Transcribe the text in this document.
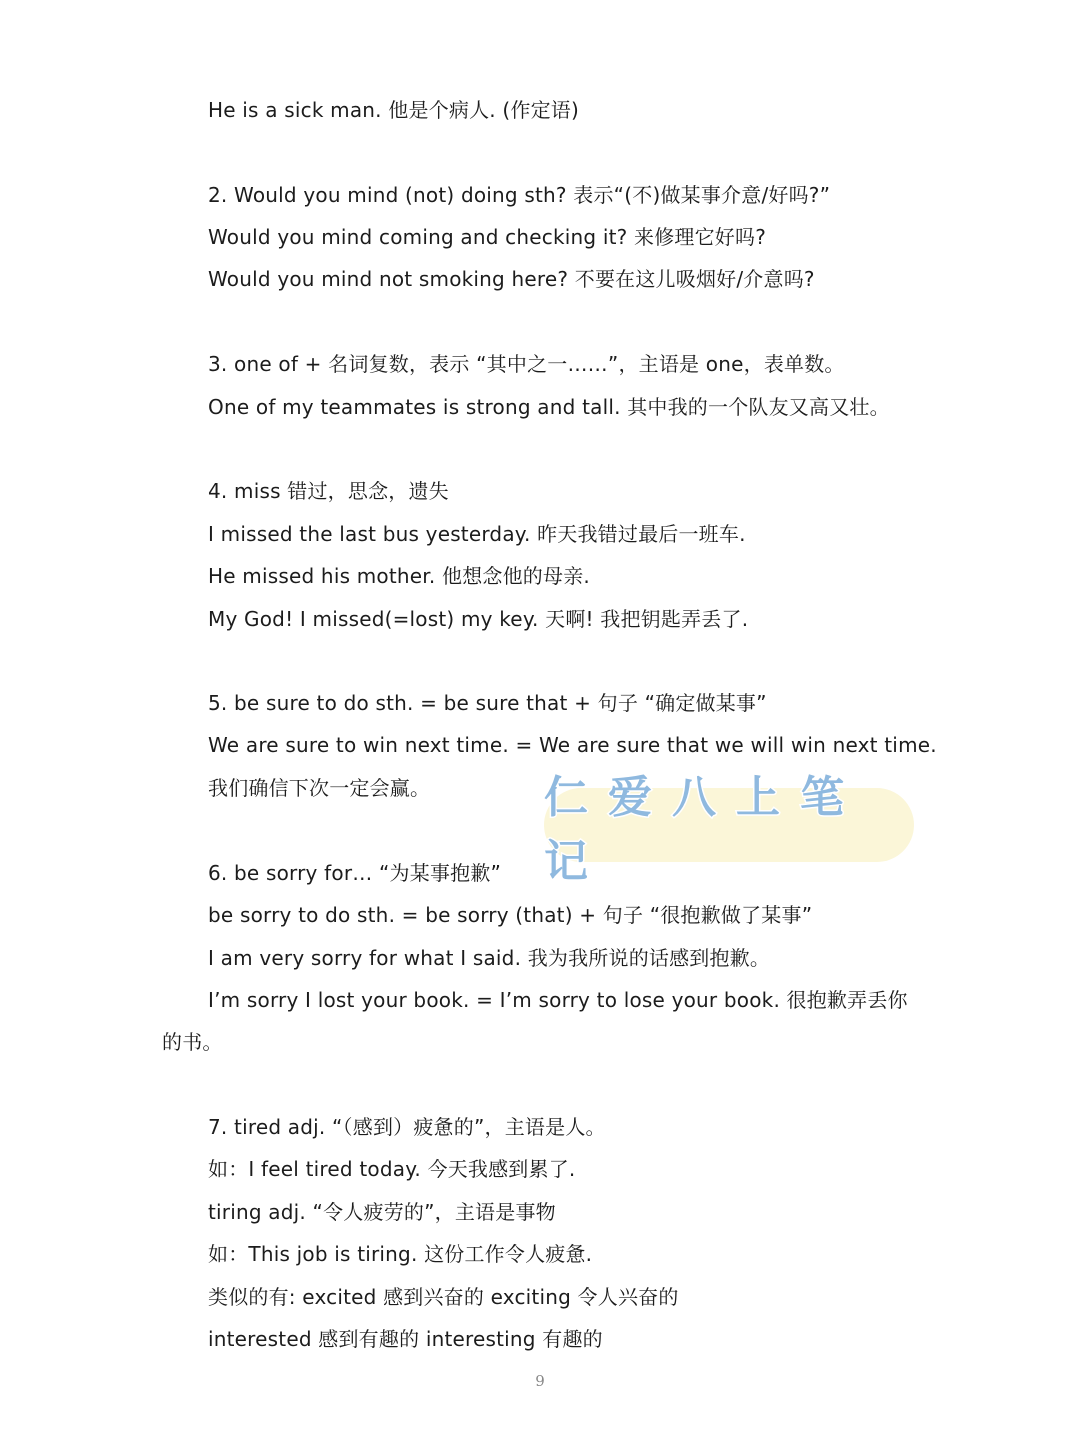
He is a sick man. 他是个病人. (作定语)
2. Would you mind (not) doing sth? 表示“(不)做某事介意/好吗?”
Would you mind coming and checking it? 来修理它好吗?
Would you mind not smoking here? 不要在这儿吸烟好/介意吗?
3. one of + 名词复数，表示 “其中之一……”，主语是 one，表单数。
One of my teammates is strong and tall. 其中我的一个队友又高又壮。
4. miss 错过，思念，遗失
I missed the last bus yesterday. 昨天我错过最后一班车.
He missed his mother. 他想念他的母亲.
My God! I missed(=lost) my key. 天啊! 我把钥匙弄丢了.
5. be sure to do sth. = be sure that + 句子 “确定做某事”
We are sure to win next time. = We are sure that we will win next time.
我们确信下次一定会赢。	仁爱八上笔记
6. be sorry for… “为某事抱歉”
be sorry to do sth. = be sorry (that) + 句子 “很抱歉做了某事”
I am very sorry for what I said. 我为我所说的话感到抱歉。
I’m sorry I lost your book. = I’m sorry to lose your book. 很抱歉弄丢你
的书。
7. tired adj. “（感到）疲惫的”，主语是人。
如：I feel tired today. 今天我感到累了.
tiring adj. “令人疲劳的”，主语是事物
如：This job is tiring. 这份工作令人疲惫.
类似的有: excited 感到兴奋的 exciting 令人兴奋的
interested 感到有趣的 interesting 有趣的
9
